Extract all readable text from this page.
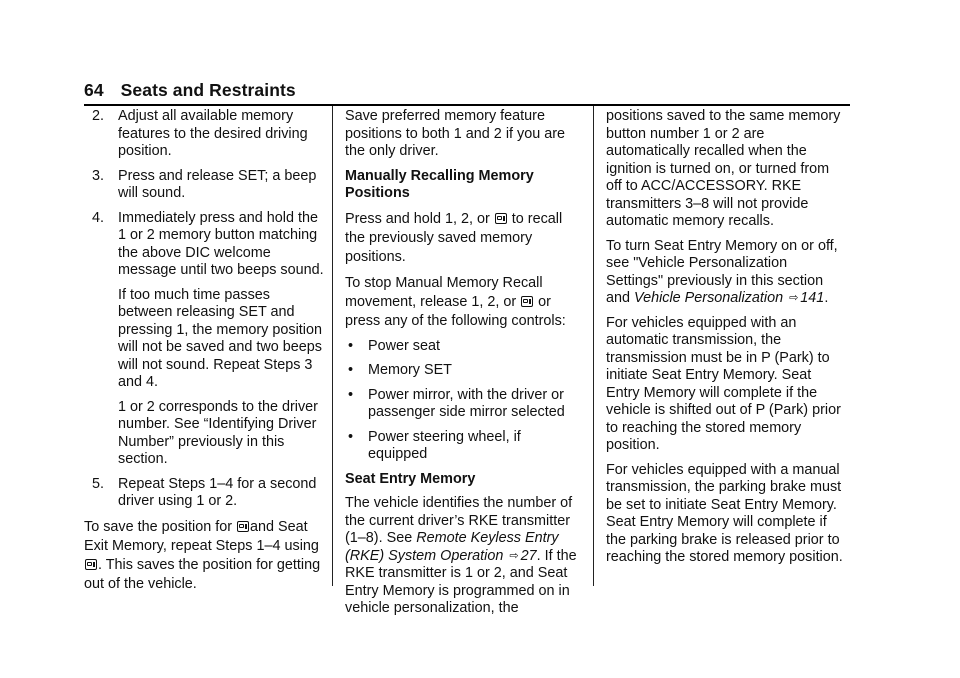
64 Seats and Restraints
2. Adjust all available memory features to the desired driving position.
3. Press and release SET; a beep will sound.
4. Immediately press and hold the 1 or 2 memory button matching the above DIC welcome message until two beeps sound.
If too much time passes between releasing SET and pressing 1, the memory position will not be saved and two beeps will not sound. Repeat Steps 3 and 4.
1 or 2 corresponds to the driver number. See “Identifying Driver Number” previously in this section.
5. Repeat Steps 1–4 for a second driver using 1 or 2.

To save the position for and Seat Exit Memory, repeat Steps 1–4 using . This saves the position for getting out of the vehicle.

Save preferred memory feature positions to both 1 and 2 if you are the only driver.

Manually Recalling Memory Positions

Press and hold 1, 2, or to recall the previously saved memory positions.

To stop Manual Memory Recall movement, release 1, 2, or or press any of the following controls:

• Power seat
• Memory SET
• Power mirror, with the driver or passenger side mirror selected
• Power steering wheel, if equipped

Seat Entry Memory

The vehicle identifies the number of the current driver’s RKE transmitter (1–8). See Remote Keyless Entry (RKE) System Operation ⇨ 27. If the RKE transmitter is 1 or 2, and Seat Entry Memory is programmed on in vehicle personalization, the

positions saved to the same memory button number 1 or 2 are automatically recalled when the ignition is turned on, or turned from off to ACC/ACCESSORY. RKE transmitters 3–8 will not provide automatic memory recalls.

To turn Seat Entry Memory on or off, see "Vehicle Personalization Settings" previously in this section and Vehicle Personalization ⇨ 141.

For vehicles equipped with an automatic transmission, the transmission must be in P (Park) to initiate Seat Entry Memory. Seat Entry Memory will complete if the vehicle is shifted out of P (Park) prior to reaching the stored memory position.

For vehicles equipped with a manual transmission, the parking brake must be set to initiate Seat Entry Memory. Seat Entry Memory will complete if the parking brake is released prior to reaching the stored memory position.
